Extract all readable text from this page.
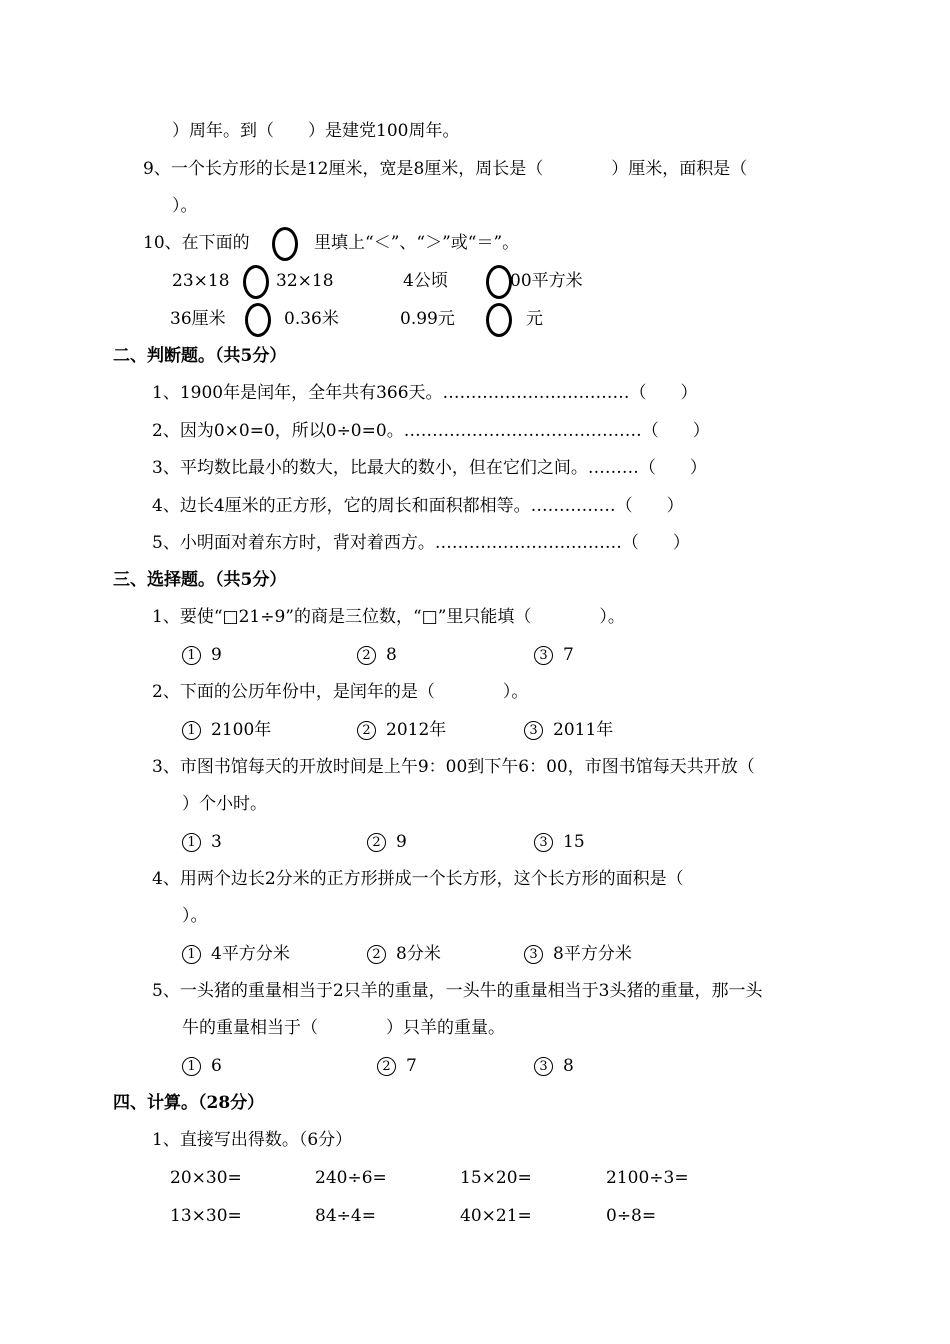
）周年。到（　　）是建党100周年。
9、一个长方形的长是12厘米，宽是8厘米，周长是（　　　　）厘米，面积是（
）。
10、在下面的	里填上“＜”、“＞”或“＝”。
23×18	32×18	4公顷	00平方米
36厘米	0.36米	0.99元	元
二、判断题。（共5分）
1、1900年是闰年，全年共有366天。……………………………（　　）
2、因为0×0=0，所以0÷0=0。……………………………………（　　）
3、平均数比最小的数大，比最大的数小，但在它们之间。………（　　）
4、边长4厘米的正方形，它的周长和面积都相等。……………（　　）
5、小明面对着东方时，背对着西方。……………………………（　　）
三、选择题。（共5分）
1、要使“□21÷9”的商是三位数，“□”里只能填（　　　　）。
1 9	2 8	3 7
2、下面的公历年份中，是闰年的是（　　　　）。
1 2100年	2 2012年	3 2011年
3、市图书馆每天的开放时间是上午9：00到下午6：00，市图书馆每天共开放（
）个小时。
1 3	2 9	3 15
4、用两个边长2分米的正方形拼成一个长方形，这个长方形的面积是（
）。
1 4平方分米	2 8分米	3 8平方分米
5、一头猪的重量相当于2只羊的重量，一头牛的重量相当于3头猪的重量，那一头
牛的重量相当于（　　　　）只羊的重量。
1 6	2 7	3 8
四、计算。（28分）
1、直接写出得数。（6分）
20×30=	240÷6=	15×20=	2100÷3=
13×30=	84÷4=	40×21=	0÷8=
